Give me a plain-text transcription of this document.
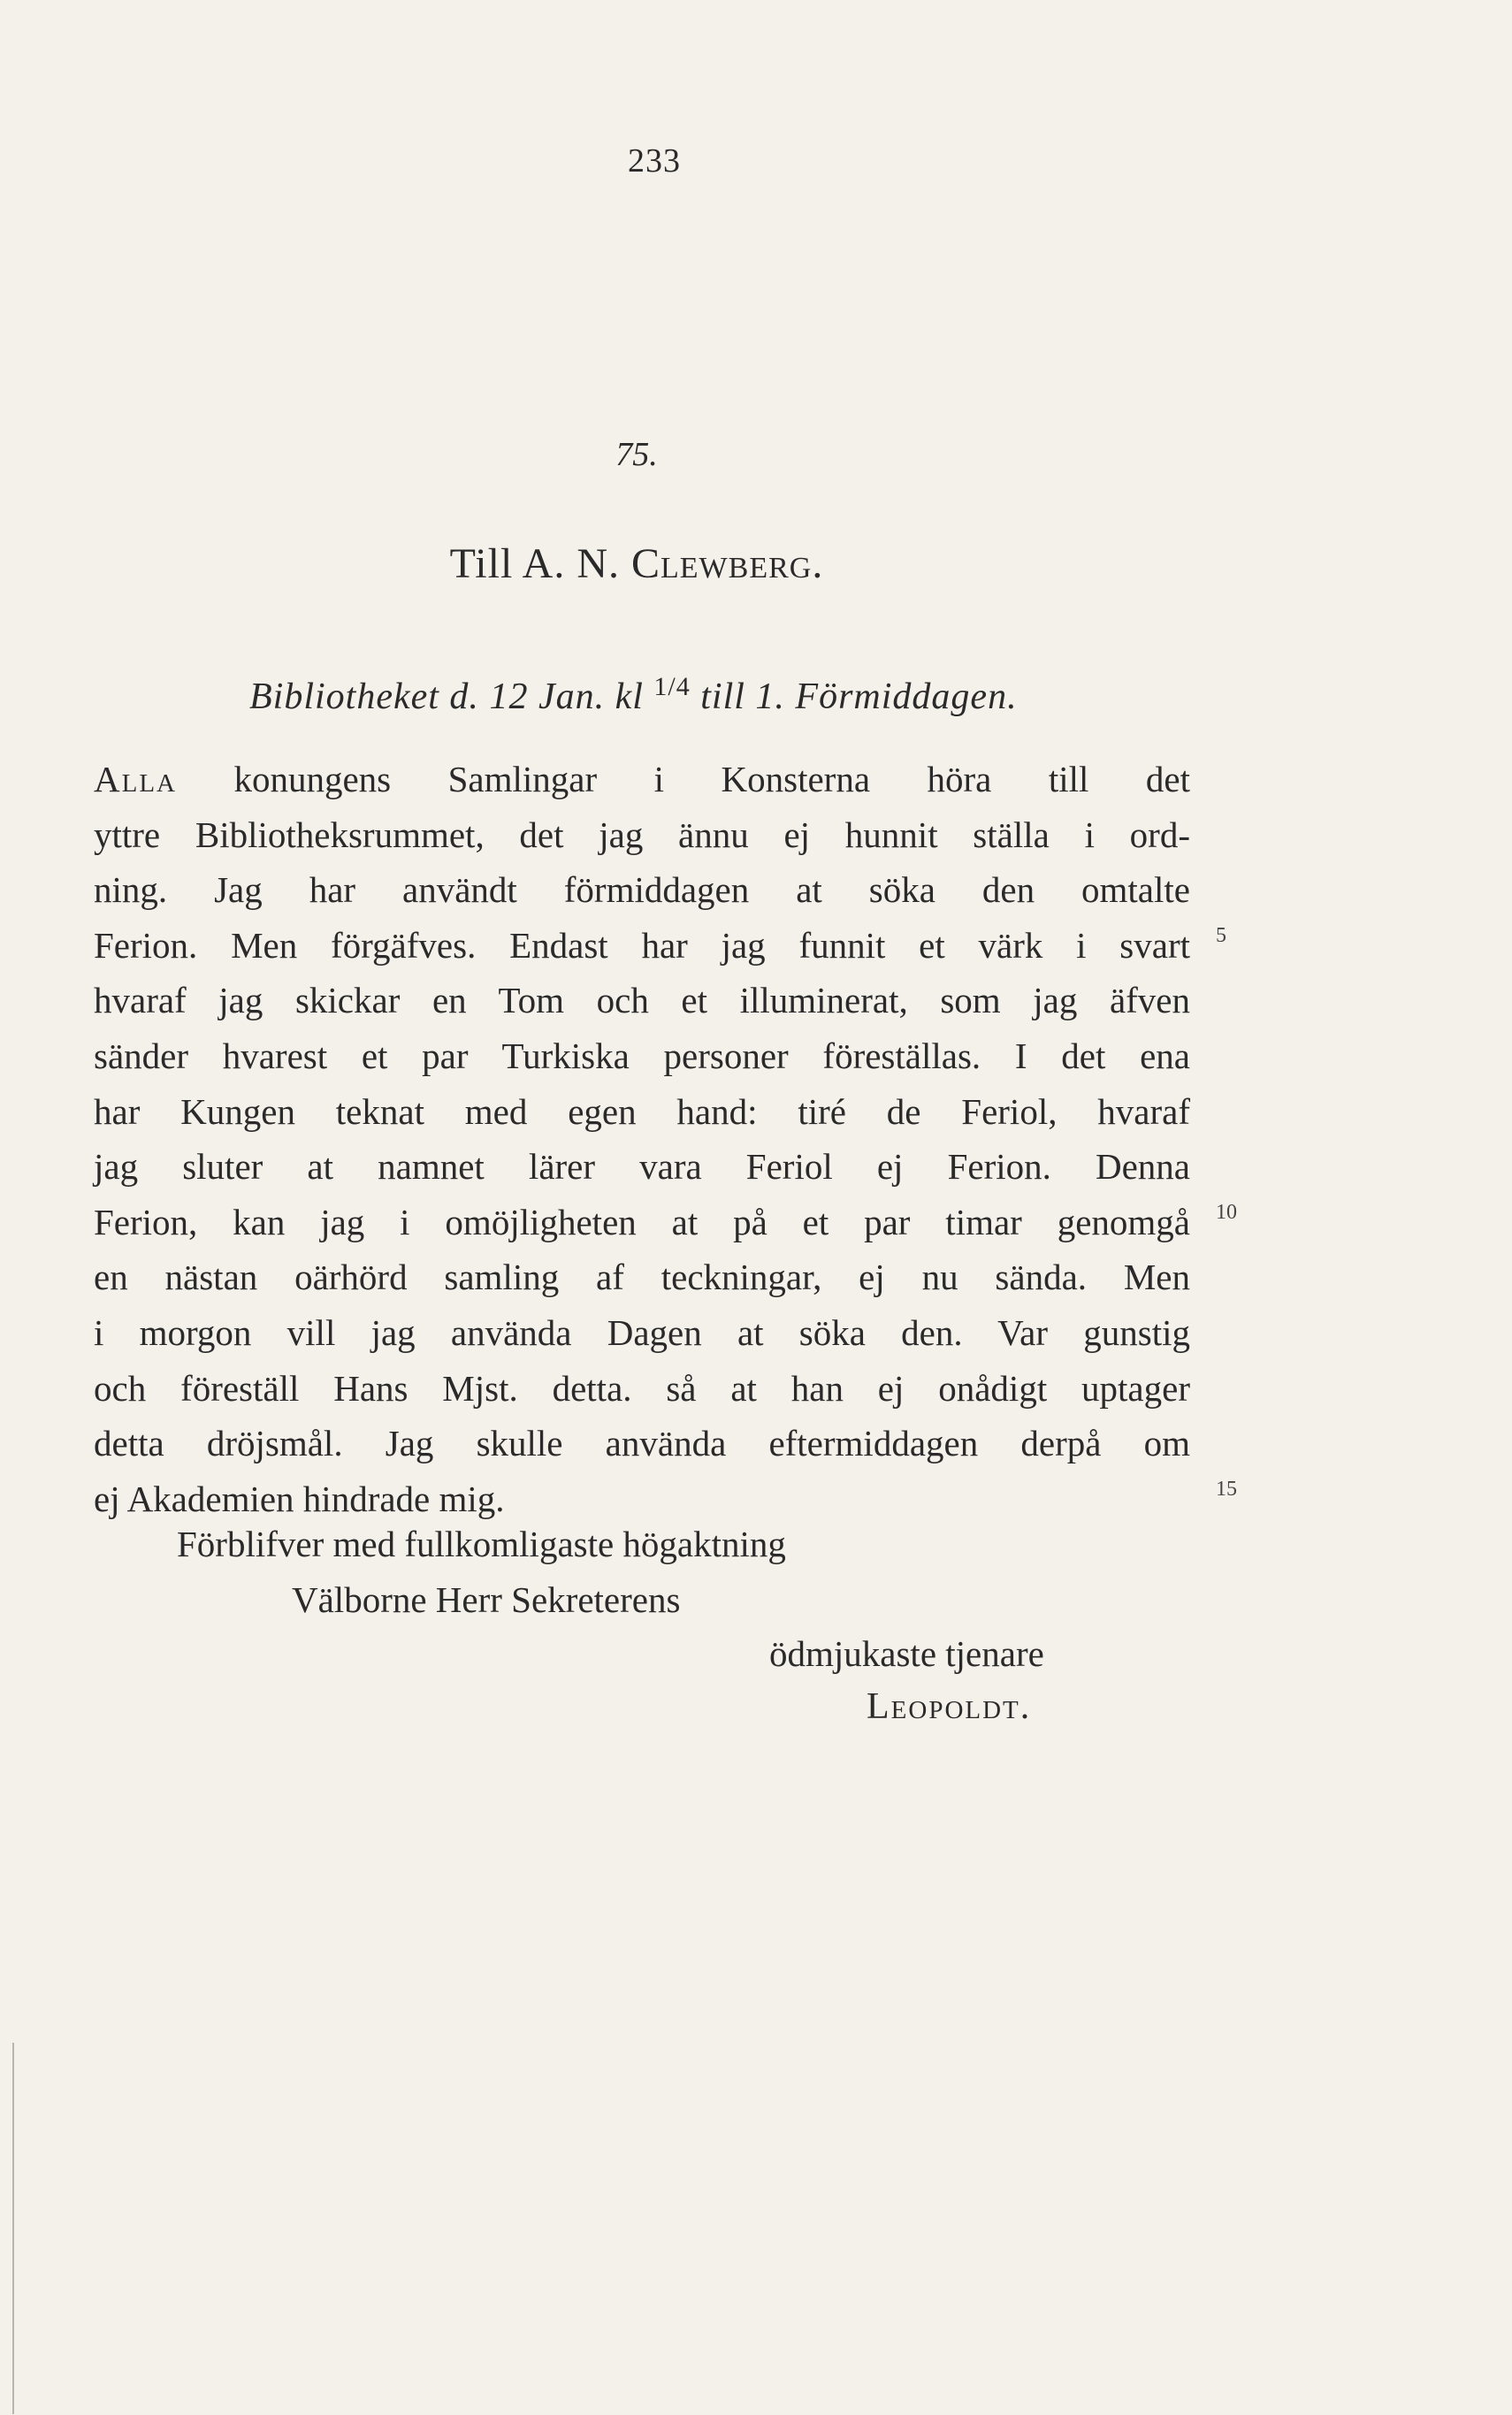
233
75.
Till A. N. Clewberg.
Bibliotheket d. 12 Jan. kl $^{1/4}$ till 1. Förmiddagen.
Alla konungens Samlingar i Konsterna höra till det
yttre Bibliotheksrummet, det jag ännu ej hunnit ställa i ord-
ning. Jag har användt förmiddagen at söka den omtalte
Ferion. Men förgäfves. Endast har jag funnit et värk i svart
hvaraf jag skickar en Tom och et illuminerat, som jag äfven
sänder hvarest et par Turkiska personer föreställas. I det ena
har Kungen teknat med egen hand: tiré de Feriol, hvaraf
jag sluter at namnet lärer vara Feriol ej Ferion. Denna
Ferion, kan jag i omöjligheten at på et par timar genomgå
en nästan oärhörd samling af teckningar, ej nu sända. Men
i morgon vill jag använda Dagen at söka den. Var gunstig
och föreställ Hans Mjst. detta. så at han ej onådigt uptager
detta dröjsmål. Jag skulle använda eftermiddagen derpå om
ej Akademien hindrade mig.
5
10
15
Förblifver med fullkomligaste högaktning
Välborne Herr Sekreterens
ödmjukaste tjenare
Leopoldt.
